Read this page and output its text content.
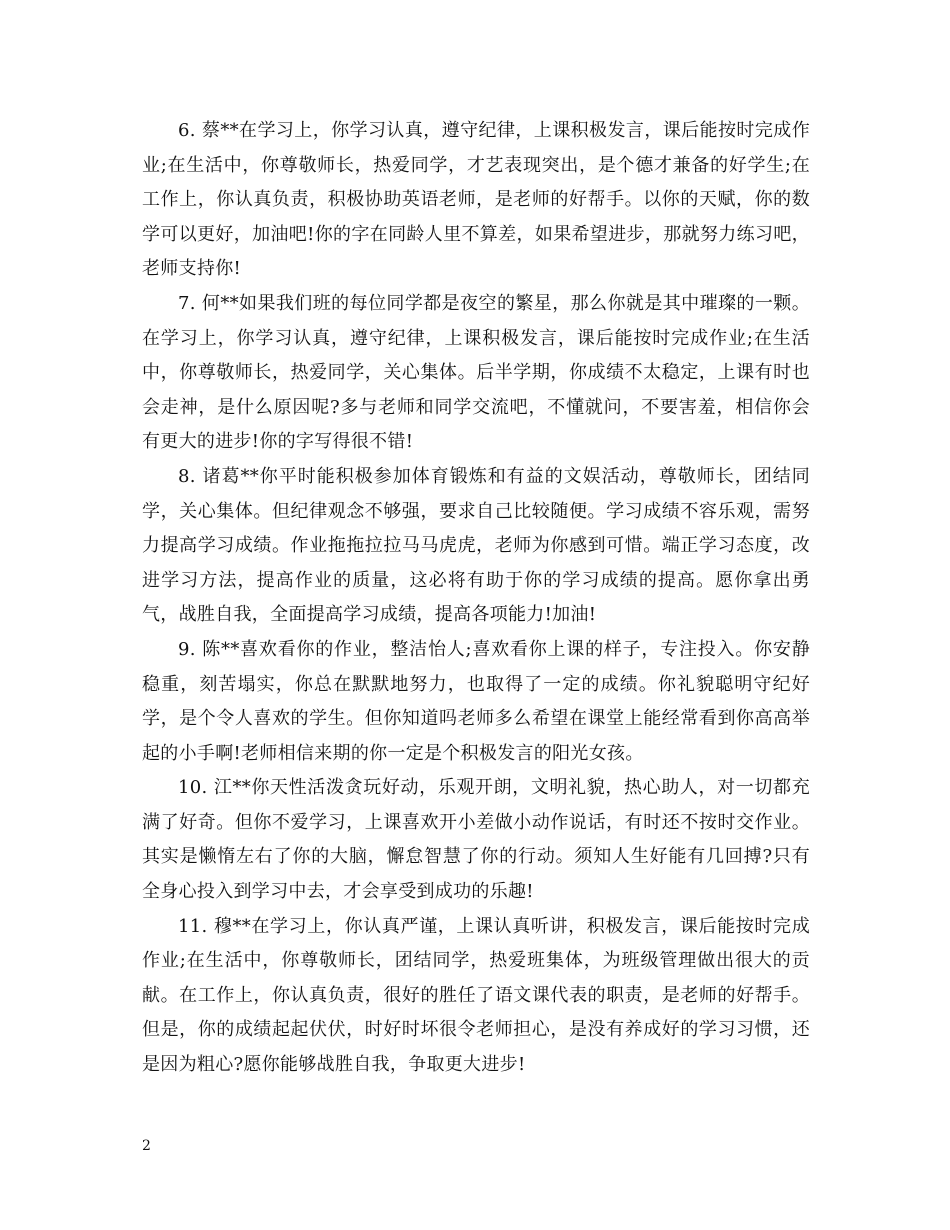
6. 蔡**在学习上，你学习认真，遵守纪律，上课积极发言，课后能按时完成作业;在生活中，你尊敬师长，热爱同学，才艺表现突出，是个德才兼备的好学生;在工作上，你认真负责，积极协助英语老师，是老师的好帮手。以你的天赋，你的数学可以更好，加油吧!你的字在同龄人里不算差，如果希望进步，那就努力练习吧，老师支持你!

7. 何**如果我们班的每位同学都是夜空的繁星，那么你就是其中璀璨的一颗。在学习上，你学习认真，遵守纪律，上课积极发言，课后能按时完成作业;在生活中，你尊敬师长，热爱同学，关心集体。后半学期，你成绩不太稳定，上课有时也会走神，是什么原因呢?多与老师和同学交流吧，不懂就问，不要害羞，相信你会有更大的进步!你的字写得很不错!

8. 诸葛**你平时能积极参加体育锻炼和有益的文娱活动，尊敬师长，团结同学，关心集体。但纪律观念不够强，要求自己比较随便。学习成绩不容乐观，需努力提高学习成绩。作业拖拖拉拉马马虎虎，老师为你感到可惜。端正学习态度，改进学习方法，提高作业的质量，这必将有助于你的学习成绩的提高。愿你拿出勇气，战胜自我，全面提高学习成绩，提高各项能力!加油!

9. 陈**喜欢看你的作业，整洁怡人;喜欢看你上课的样子，专注投入。你安静稳重，刻苦塌实，你总在默默地努力，也取得了一定的成绩。你礼貌聪明守纪好学，是个令人喜欢的学生。但你知道吗老师多么希望在课堂上能经常看到你高高举起的小手啊!老师相信来期的你一定是个积极发言的阳光女孩。

10. 江**你天性活泼贪玩好动，乐观开朗，文明礼貌，热心助人，对一切都充满了好奇。但你不爱学习，上课喜欢开小差做小动作说话，有时还不按时交作业。其实是懒惰左右了你的大脑，懈怠智慧了你的行动。须知人生好能有几回搏?只有全身心投入到学习中去，才会享受到成功的乐趣!

11. 穆**在学习上，你认真严谨，上课认真听讲，积极发言，课后能按时完成作业;在生活中，你尊敬师长，团结同学，热爱班集体，为班级管理做出很大的贡献。在工作上，你认真负责，很好的胜任了语文课代表的职责，是老师的好帮手。但是，你的成绩起起伏伏，时好时坏很令老师担心，是没有养成好的学习习惯，还是因为粗心?愿你能够战胜自我，争取更大进步!

2
